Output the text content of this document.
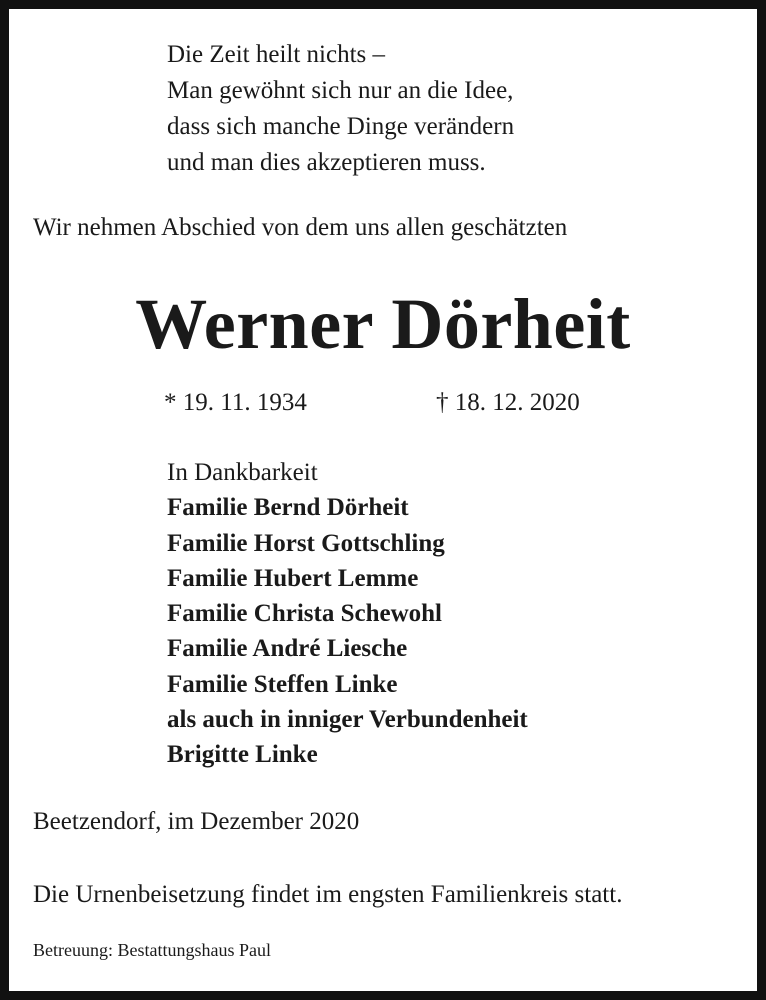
Die Zeit heilt nichts –
Man gewöhnt sich nur an die Idee,
dass sich manche Dinge verändern
und man dies akzeptieren muss.
Wir nehmen Abschied von dem uns allen geschätzten
Werner Dörheit
* 19. 11. 1934	† 18. 12. 2020
In Dankbarkeit
Familie Bernd Dörheit
Familie Horst Gottschling
Familie Hubert Lemme
Familie Christa Schewohl
Familie André Liesche
Familie Steffen Linke
als auch in inniger Verbundenheit
Brigitte Linke
Beetzendorf, im Dezember 2020
Die Urnenbeisetzung findet im engsten Familienkreis statt.
Betreuung: Bestattungshaus Paul
